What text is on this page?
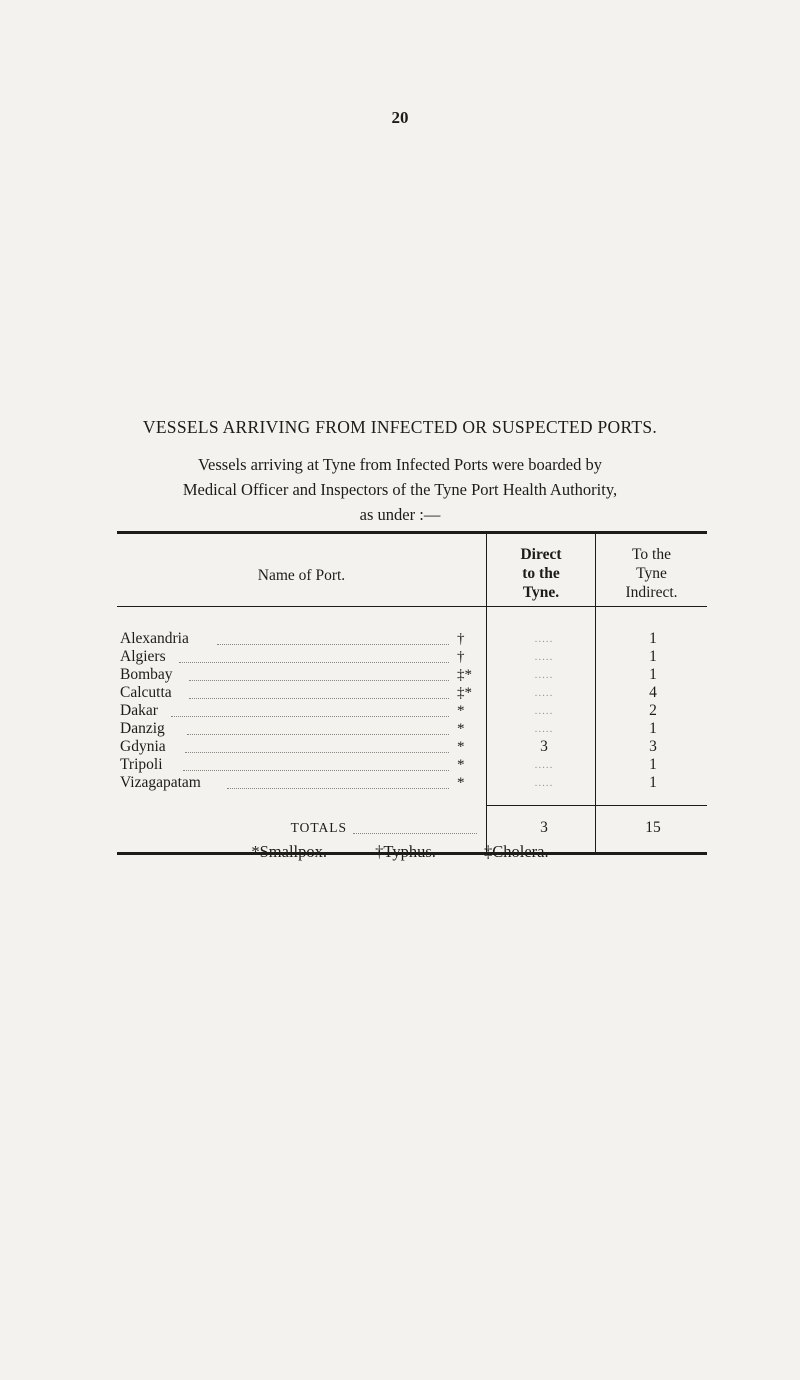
20
VESSELS ARRIVING FROM INFECTED OR SUSPECTED PORTS.
Vessels arriving at Tyne from Infected Ports were boarded by
Medical Officer and Inspectors of the Tyne Port Health Authority,
as under :—
Name of Port.
Direct
to the
Tyne.
To the
Tyne
Indirect.
Alexandria	†	.....	1
Algiers	†	.....	1
Bombay	‡*	.....	1
Calcutta	‡*	.....	4
Dakar	*	.....	2
Danzig	*	.....	1
Gdynia	*	3	3
Tripoli	*	.....	1
Vizagapatam	*	.....	1
TOTALS	3	15
*Smallpox.	†Typhus.	‡Cholera.
